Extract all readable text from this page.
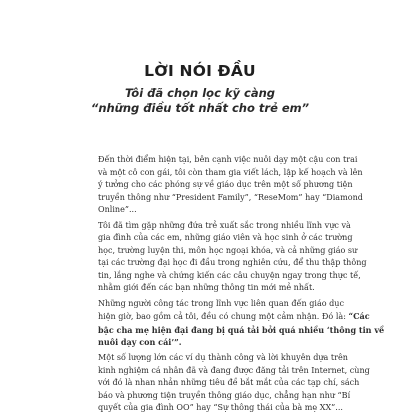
LỜI NÓI ĐẦU
Tôi đã chọn lọc kỹ càng
“những điều tốt nhất cho trẻ em”
Đến thời điểm hiện tại, bên cạnh việc nuôi dạy một cậu con trai
và một cô con gái, tôi còn tham gia viết lách, lập kế hoạch và lên
ý tưởng cho các phóng sự về giáo dục trên một số phương tiện
truyền thông như “President Family”, “ReseMom” hay “Diamond
Online”...
Tôi đã tìm gặp những đứa trẻ xuất sắc trong nhiều lĩnh vực và
gia đình của các em, những giáo viên và học sinh ở các trường
học, trường luyện thi, môn học ngoại khóa, và cả những giáo sư
tại các trường đại học đi đầu trong nghiên cứu, để thu thập thông
tin, lắng nghe và chứng kiến các câu chuyện ngay trong thực tế,
nhằm giới đến các bạn những thông tin mới mẻ nhất.
Những người công tác trong lĩnh vực liên quan đến giáo dục
hiện giờ, bao gồm cả tôi, đều có chung một cảm nhận. Đó là: “Các
bậc cha mẹ hiện đại đang bị quá tải bởi quá nhiều ‘thông tin về
nuôi dạy con cái’”.
Một số lượng lớn các ví dụ thành công và lời khuyên dựa trên
kinh nghiệm cá nhân đã và đang được đăng tải trên Internet, cùng
với đó là nhan nhản những tiêu đề bắt mắt của các tạp chí, sách
báo và phương tiện truyền thông giáo dục, chẳng hạn như “Bí
quyết của gia đình OO” hay “Sự thông thái của bà mẹ XX”...
